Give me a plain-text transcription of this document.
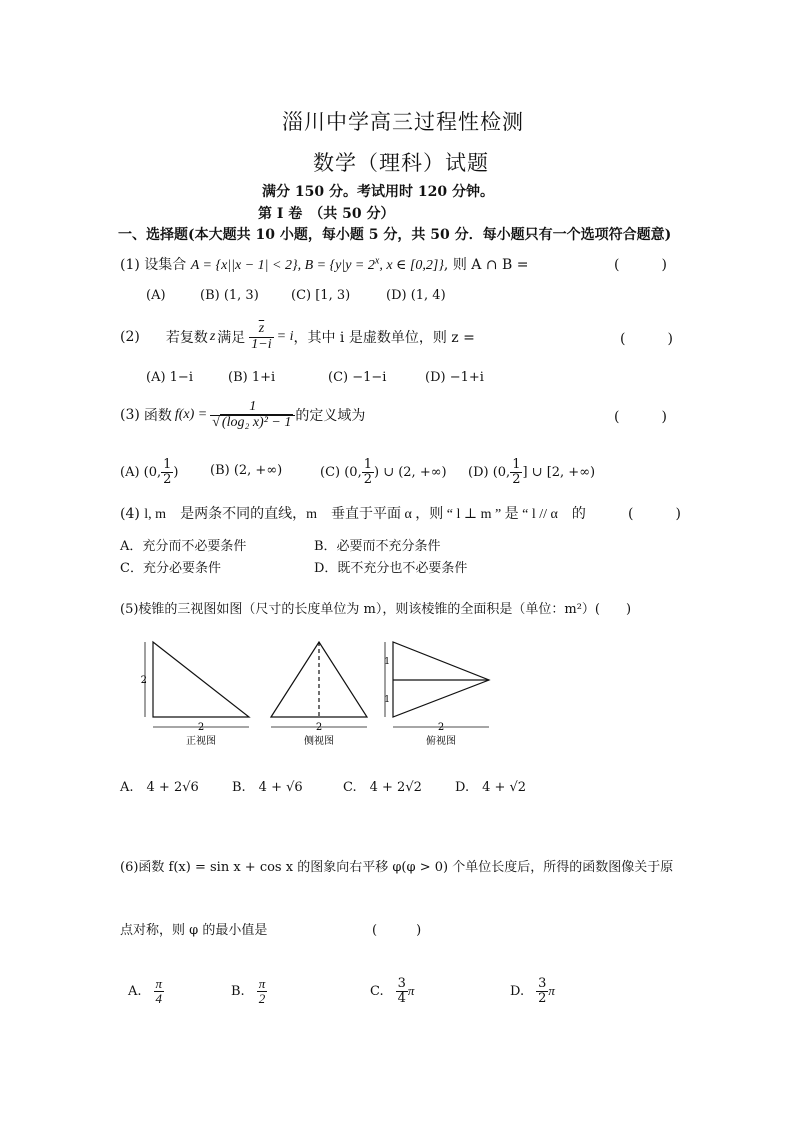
淄川中学高三过程性检测
数学（理科）试题
满分 150 分。考试用时 120 分钟。
第 I 卷　（共 50 分）
一、选择题(本大题共 10 小题，每小题 5 分，共 50 分．每小题只有一个选项符合题意)
(1) 设集合 A = {x||x − 1| < 2}, $B = \{y|y = 2^x$, x ∈ [0,2]}, 则 A ∩ B =	(　　　)
(A)	(B) (1, 3) (C) [1, 3)	(D) (1, 4)
(2) 若复数 z 满足 $\frac{\overline{z}}{1-i} = i$ ，其中 i 是虚数单位，则 z =	(　　　)
(A) 1−i	(B) 1+i	(C) −1−i	(D) −1+i
(3) 函数 $f(x) = \frac{1}{\text{√ (log₂ x)² − 1}}$ 的定义域为	(　　　)
(A) (0, $\frac{1}{2}$ ) (B) (2, +∞)	(C) (0, $\frac{1}{2}$ ) ∪ (2, +∞) (D) (0, $\frac{1}{2}$ ] ∪ [2, +∞)
(4) l, m　是两条不同的直线，m　垂直于平面 α ，则 “ l ⊥ m ” 是 “ l // α　的	(　　　)
A．充分而不必要条件	B．必要而不充分条件
C．充分必要条件	D．既不充分也不必要条件
(5)棱锥的三视图如图（尺寸的长度单位为 m），则该棱锥的全面积是（单位：m²）(　　)
2
2	2	2
1
1
正视图	侧视图	俯视图
A.　4 + 2√6	B.　4 + √6	C.　4 + 2√2	D.　4 + √2
(6)函数 f(x) = sin x + cos x 的图象向右平移 φ(φ > 0) 个单位长度后，所得的函数图像关于原
点对称，则 φ 的最小值是	(　　　)
A. $\frac{\pi}{4}$	B. $\frac{\pi}{2}$	C. $\frac{3}{4}$ π	D. $\frac{3}{2}$ π
